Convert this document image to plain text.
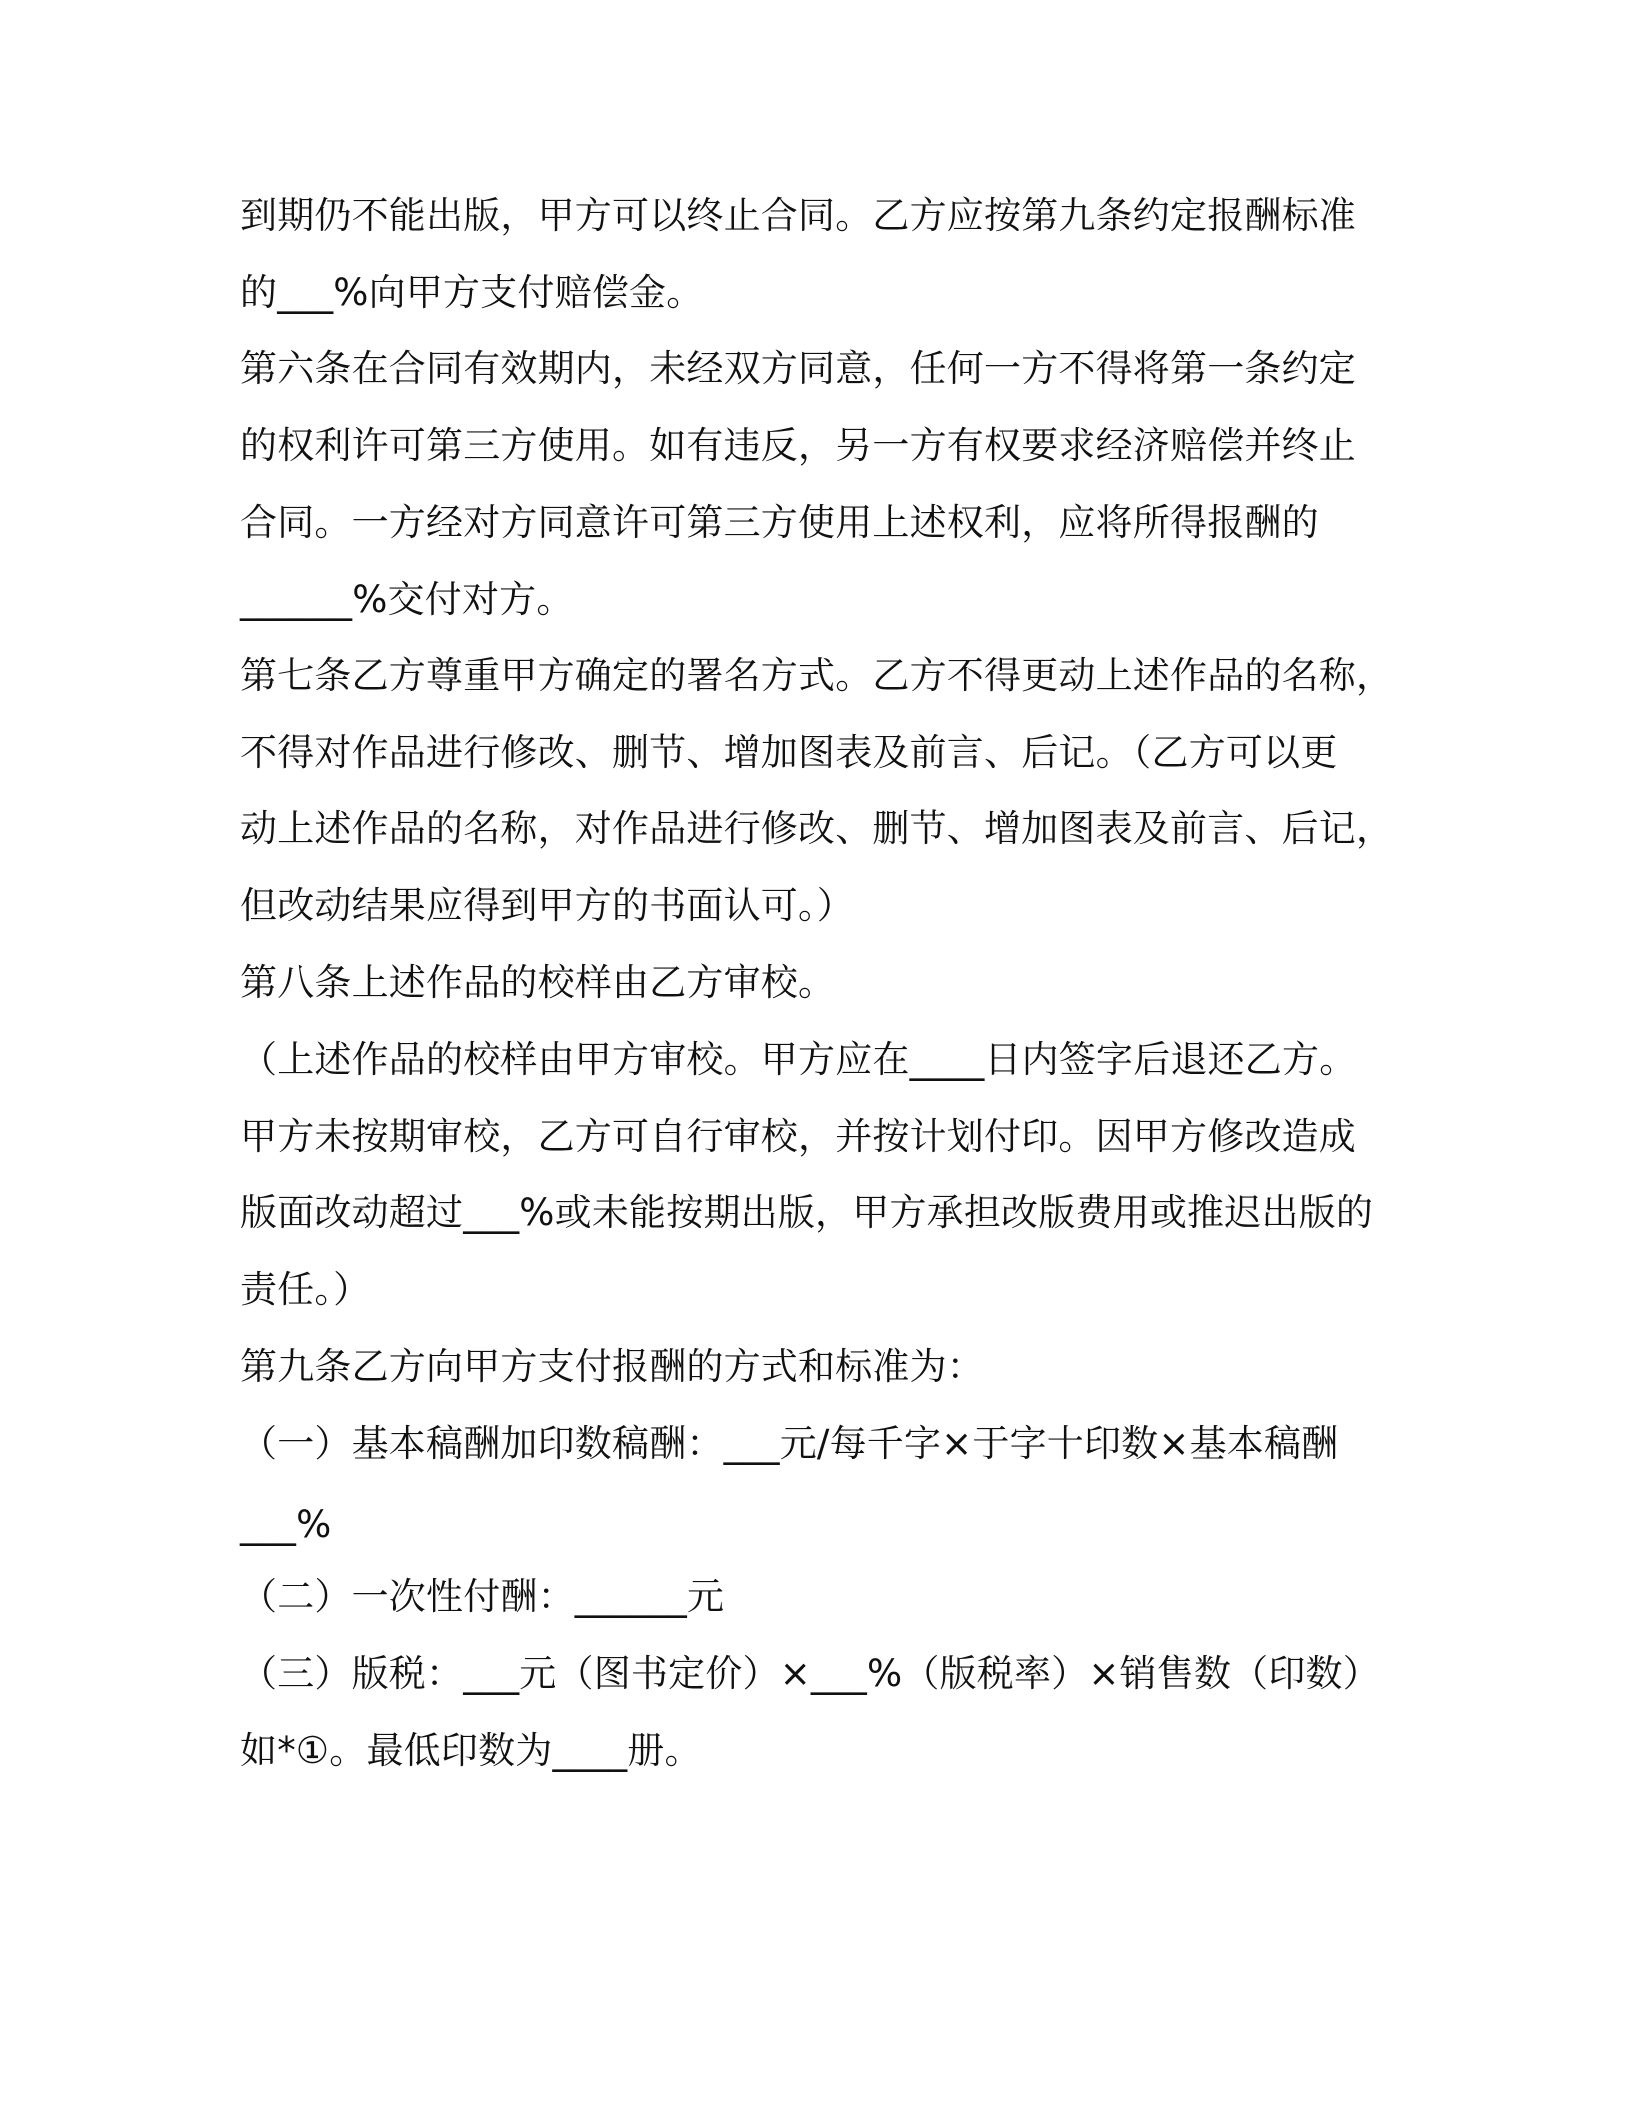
到期仍不能出版，甲方可以终止合同。乙方应按第九条约定报酬标准
的___%向甲方支付赔偿金。
第六条在合同有效期内，未经双方同意，任何一方不得将第一条约定
的权利许可第三方使用。如有违反，另一方有权要求经济赔偿并终止
合同。一方经对方同意许可第三方使用上述权利，应将所得报酬的
______%交付对方。
第七条乙方尊重甲方确定的署名方式。乙方不得更动上述作品的名称，
不得对作品进行修改、删节、增加图表及前言、后记。（乙方可以更
动上述作品的名称，对作品进行修改、删节、增加图表及前言、后记，
但改动结果应得到甲方的书面认可。）
第八条上述作品的校样由乙方审校。
（上述作品的校样由甲方审校。甲方应在____日内签字后退还乙方。
甲方未按期审校，乙方可自行审校，并按计划付印。因甲方修改造成
版面改动超过___%或未能按期出版，甲方承担改版费用或推迟出版的
责任。）
第九条乙方向甲方支付报酬的方式和标准为：
（一）基本稿酬加印数稿酬：___元/每千字×于字十印数×基本稿酬
___%
（二）一次性付酬：______元
（三）版税：___元（图书定价）×___%（版税率）×销售数（印数）
如*①。最低印数为____册。
